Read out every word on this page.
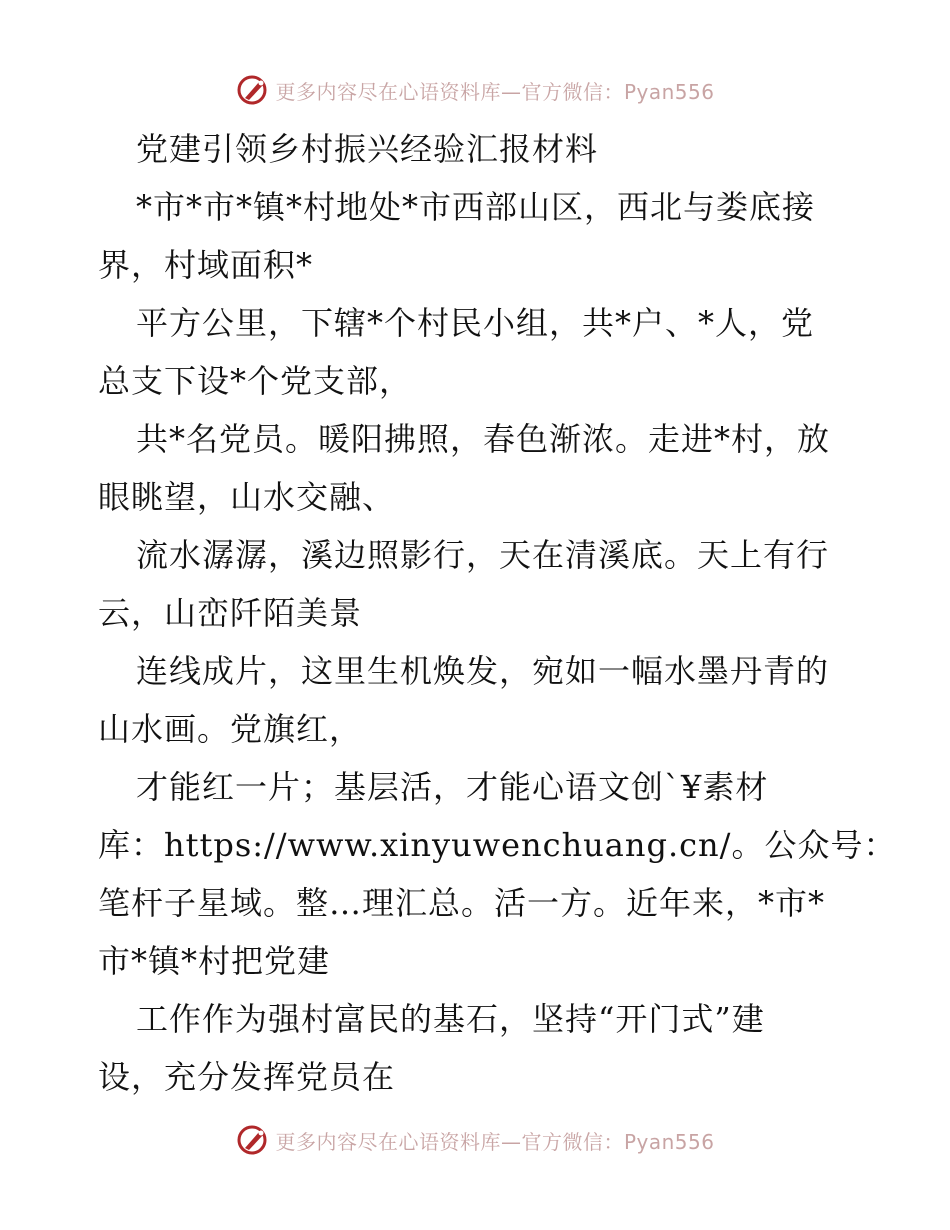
更多内容尽在心语资料库—官方微信：Pyan556
党建引领乡村振兴经验汇报材料
*市*市*镇*村地处*市西部山区，西北与娄底接
界，村域面积*
平方公里，下辖*个村民小组，共*户、*人，党
总支下设*个党支部，
共*名党员。暖阳拂照，春色渐浓。走进*村，放
眼眺望，山水交融、
流水潺潺，溪边照影行，天在清溪底。天上有行
云，山峦阡陌美景
连线成片，这里生机焕发，宛如一幅水墨丹青的
山水画。党旗红，
才能红一片；基层活，才能心语文创`¥素材
库：https://www.xinyuwenchuang.cn/。公众号：
笔杆子星域。整…理汇总。活一方。近年来，*市*
市*镇*村把党建
工作作为强村富民的基石，坚持“开门式”建
设，充分发挥党员在
更多内容尽在心语资料库—官方微信：Pyan556
